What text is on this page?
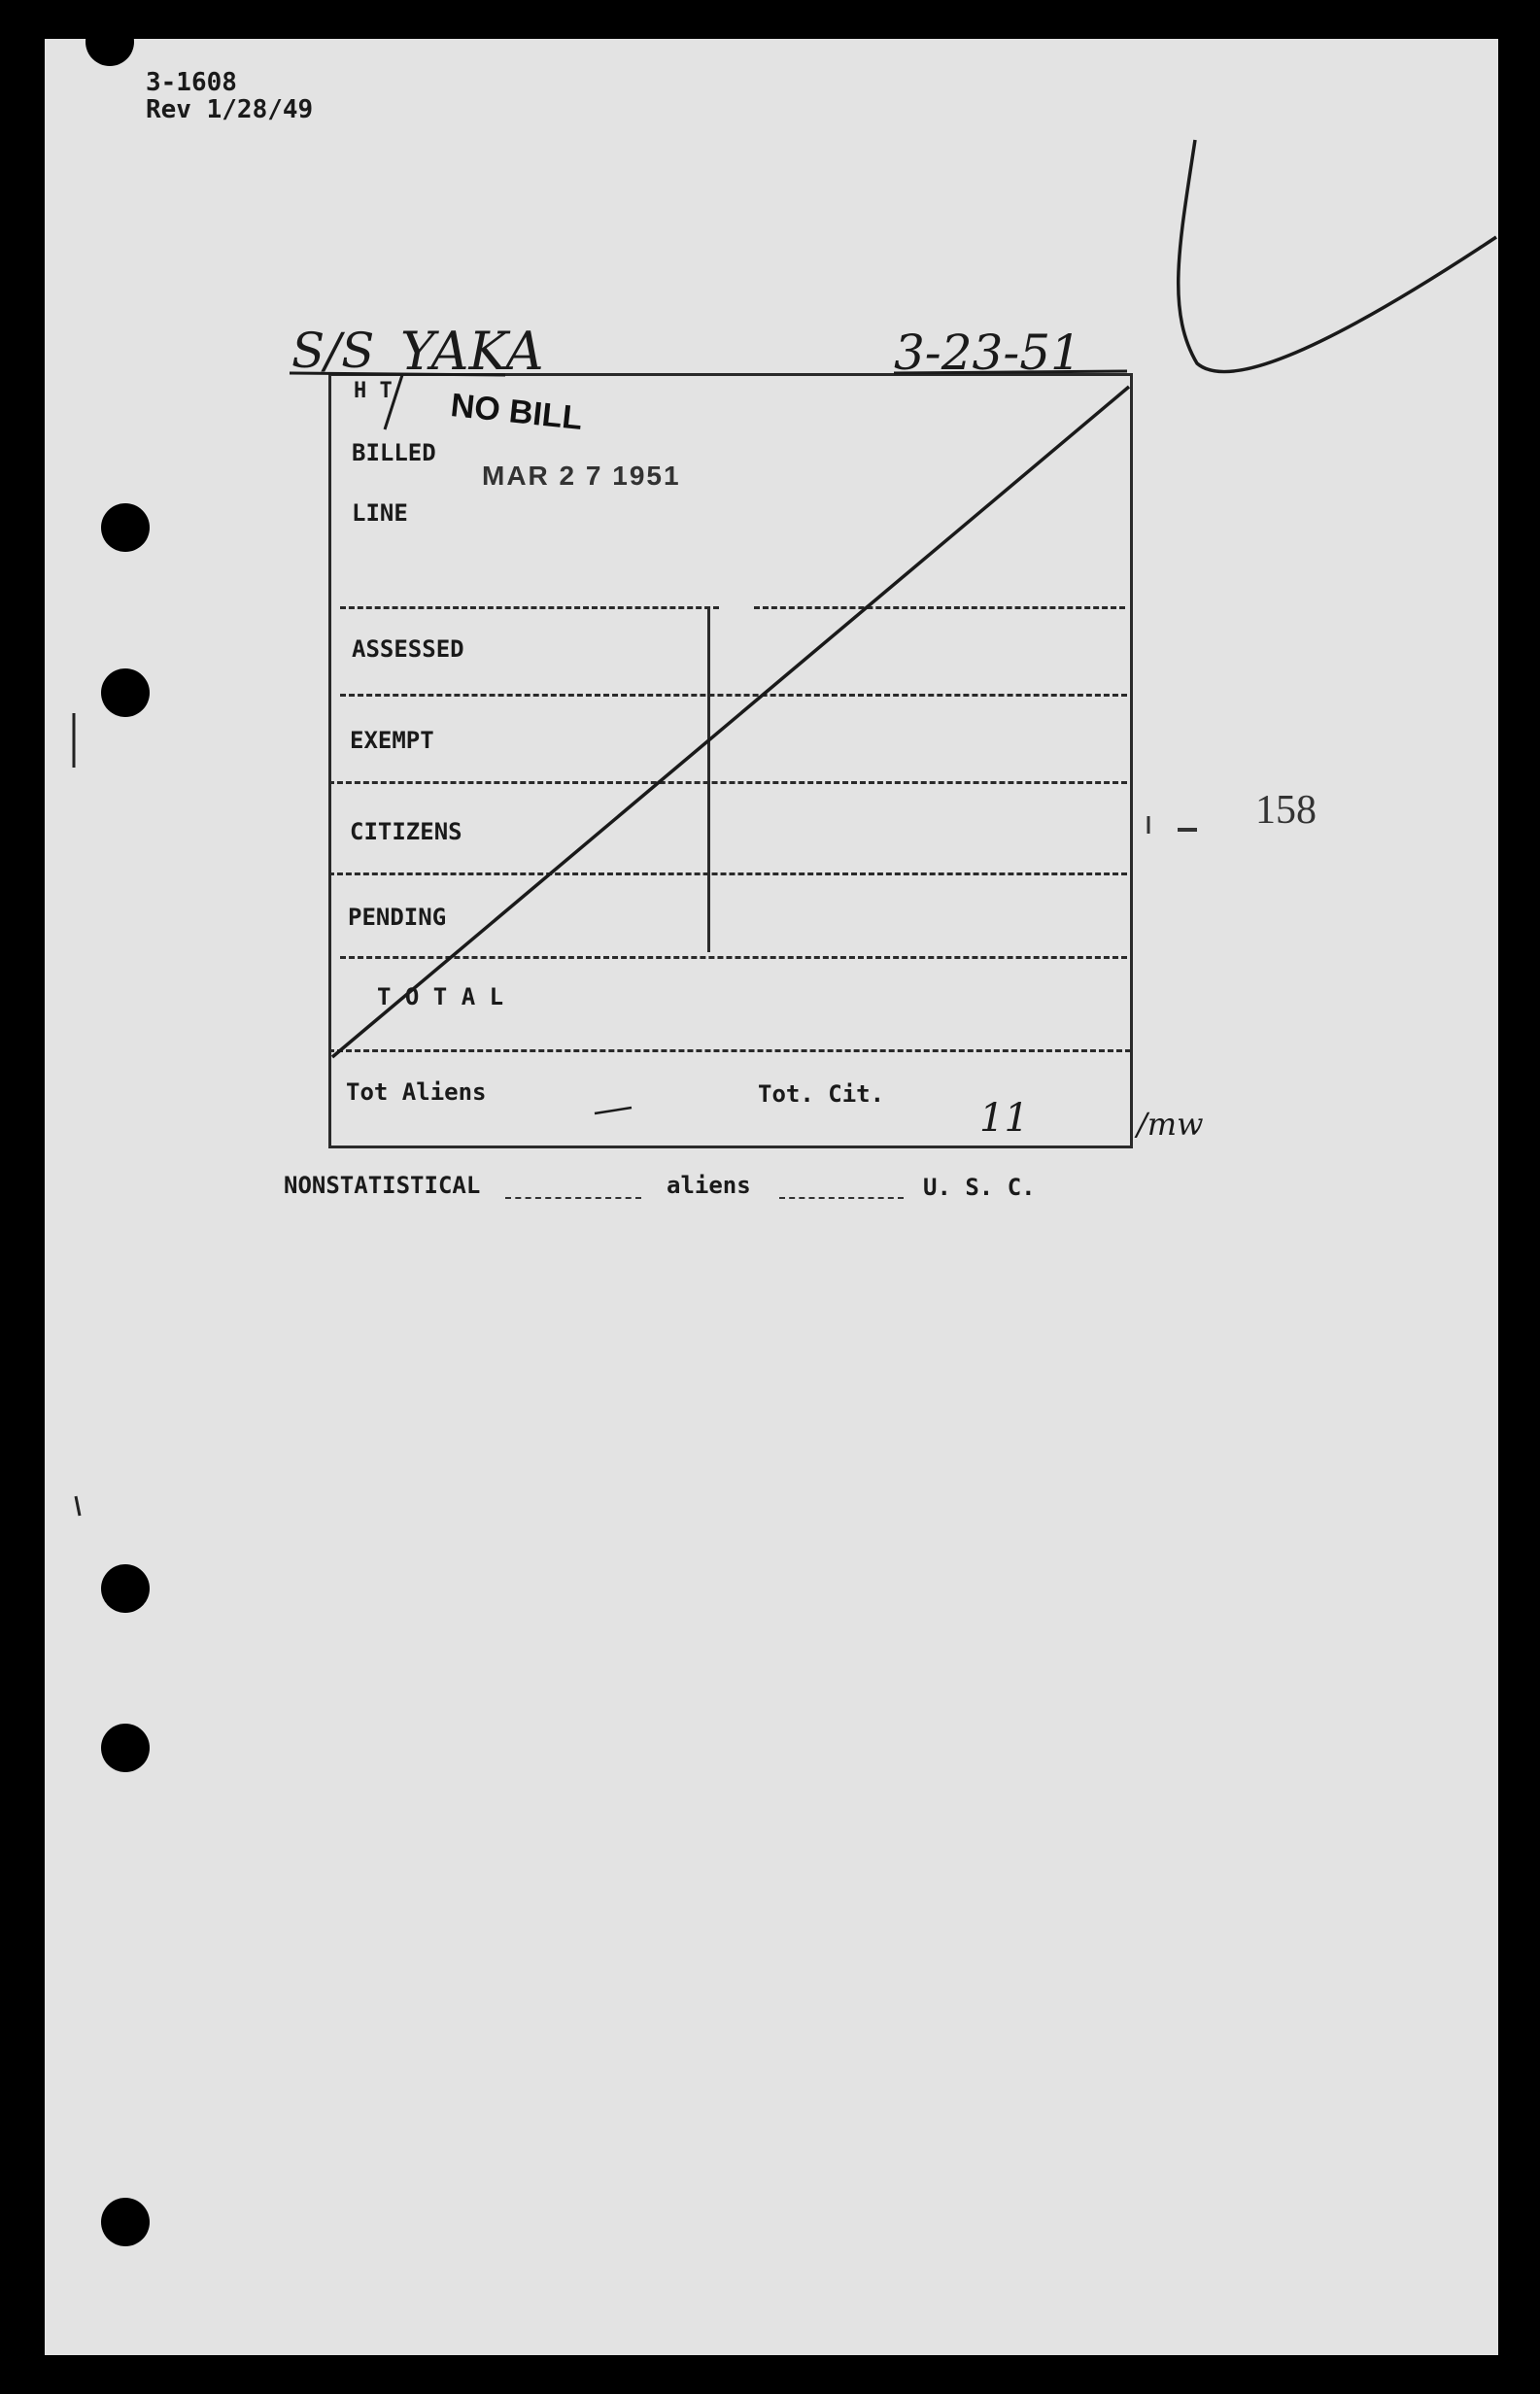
3-1608
Rev 1/28/49
S/S YAKA	3-23-51
H T
BILLED
LINE
ASSESSED
EXEMPT
CITIZENS
PENDING
T O T A L
Tot Aliens	Tot. Cit.
NO BILL
MAR 2 7 1951
11	/mw
158
NONSTATISTICAL	aliens	U. S. C.
